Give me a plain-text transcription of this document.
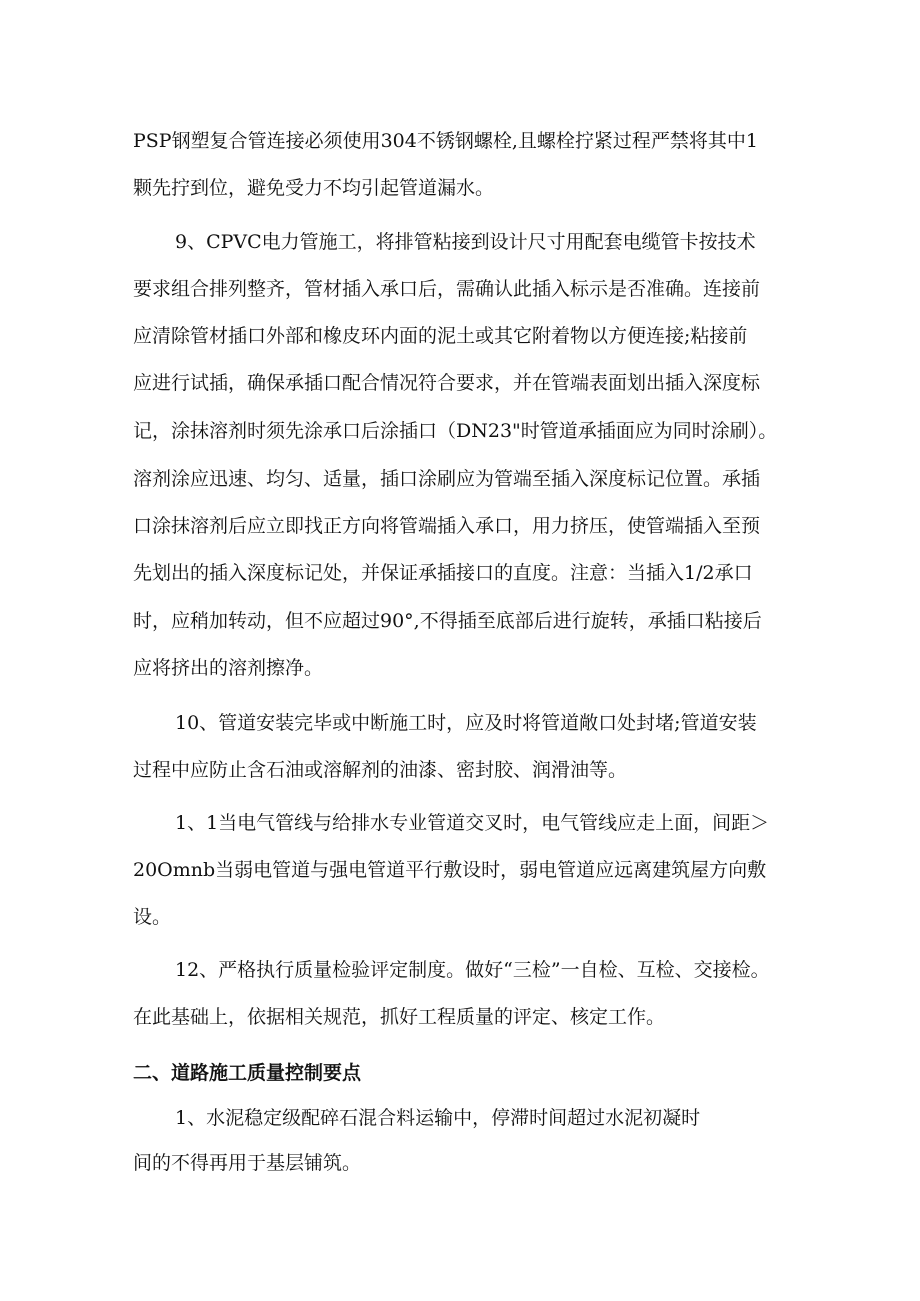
PSP钢塑复合管连接必须使用304不锈钢螺栓,且螺栓拧紧过程严禁将其中1
颗先拧到位，避免受力不均引起管道漏水。
9、CPVC电力管施工，将排管粘接到设计尺寸用配套电缆管卡按技术
要求组合排列整齐，管材插入承口后，需确认此插入标示是否准确。连接前
应清除管材插口外部和橡皮环内面的泥土或其它附着物以方便连接;粘接前
应进行试插，确保承插口配合情况符合要求，并在管端表面划出插入深度标
记，涂抹溶剂时须先涂承口后涂插口（DN23"时管道承插面应为同时涂刷）。
溶剂涂应迅速、均匀、适量，插口涂刷应为管端至插入深度标记位置。承插
口涂抹溶剂后应立即找正方向将管端插入承口，用力挤压，使管端插入至预
先划出的插入深度标记处，并保证承插接口的直度。注意：当插入1/2承口
时，应稍加转动，但不应超过90°,不得插至底部后进行旋转，承插口粘接后
应将挤出的溶剂擦净。
10、管道安装完毕或中断施工时，应及时将管道敞口处封堵;管道安装
过程中应防止含石油或溶解剂的油漆、密封胶、润滑油等。
1、1当电气管线与给排水专业管道交叉时，电气管线应走上面，间距＞
20Omnb当弱电管道与强电管道平行敷设时，弱电管道应远离建筑屋方向敷
设。
12、严格执行质量检验评定制度。做好“三检”一自检、互检、交接检。
在此基础上，依据相关规范，抓好工程质量的评定、核定工作。
二、道路施工质量控制要点
1、水泥稳定级配碎石混合料运输中，停滞时间超过水泥初凝时
间的不得再用于基层铺筑。
